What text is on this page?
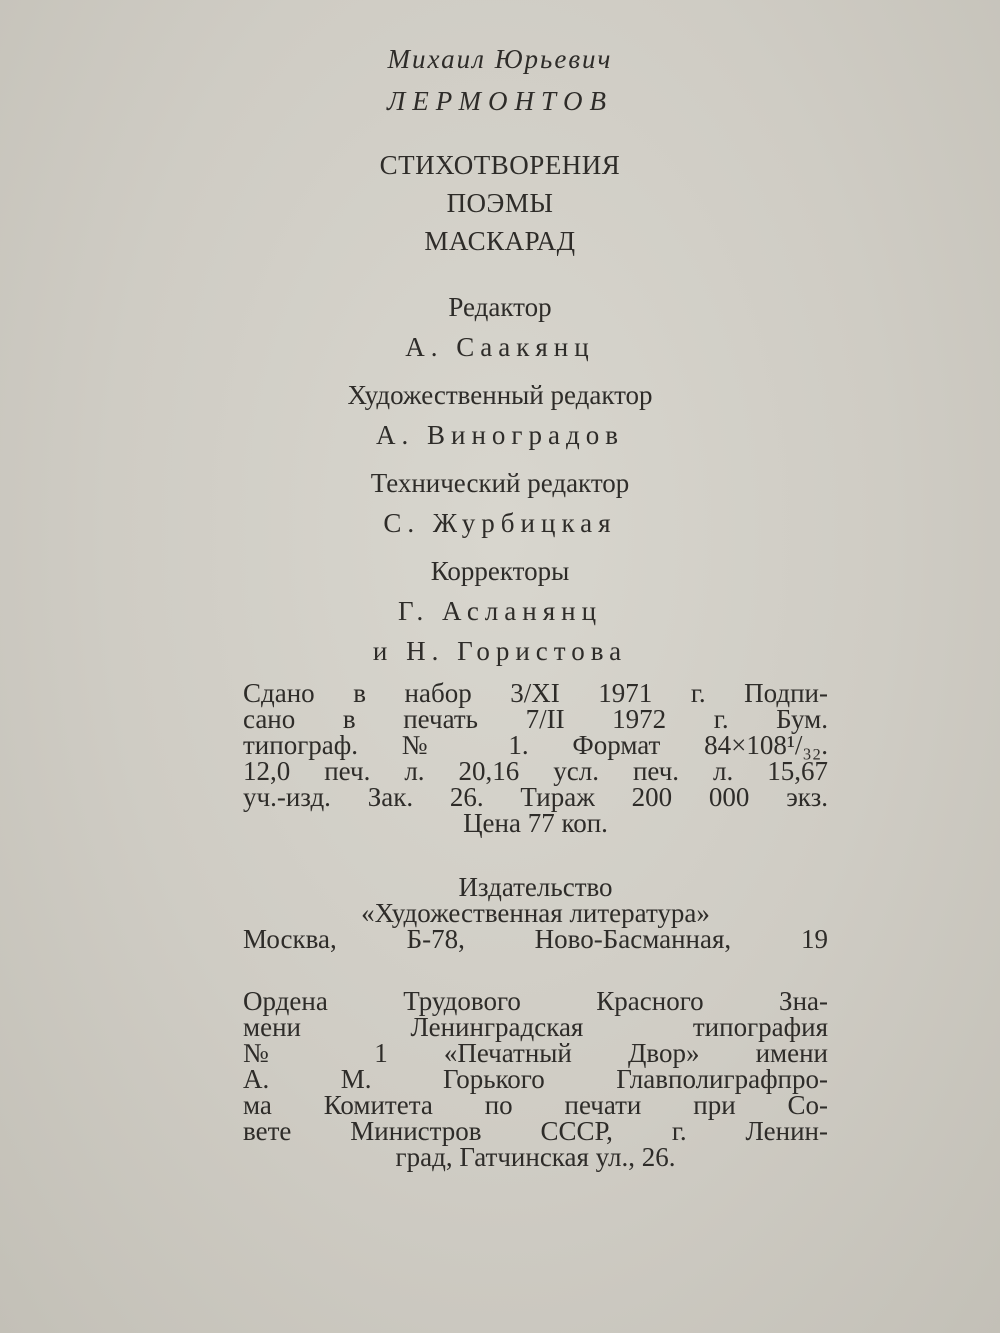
Михаил Юрьевич
ЛЕРМОНТОВ
СТИХОТВОРЕНИЯ
ПОЭМЫ
МАСКАРАД
Редактор
А. Саакянц
Художественный редактор
А. Виноградов
Технический редактор
С. Журбицкая
Корректоры
Г. Асланянц
и Н. Гористова
Сдано в набор 3/XI 1971 г. Подпи-
сано в печать 7/II 1972 г. Бум.
типограф. № 1. Формат 84×108¹/₃₂.
12,0 печ. л. 20,16 усл. печ. л. 15,67
уч.-изд. Зак. 26. Тираж 200 000 экз.
Цена 77 коп.
Издательство
«Художественная литература»
Москва, Б-78, Ново-Басманная, 19
Ордена Трудового Красного Зна-
мени Ленинградская типография
№ 1 «Печатный Двор» имени
А. М. Горького Главполиграфпро-
ма Комитета по печати при Со-
вете Министров СССР, г. Ленин-
град, Гатчинская ул., 26.
